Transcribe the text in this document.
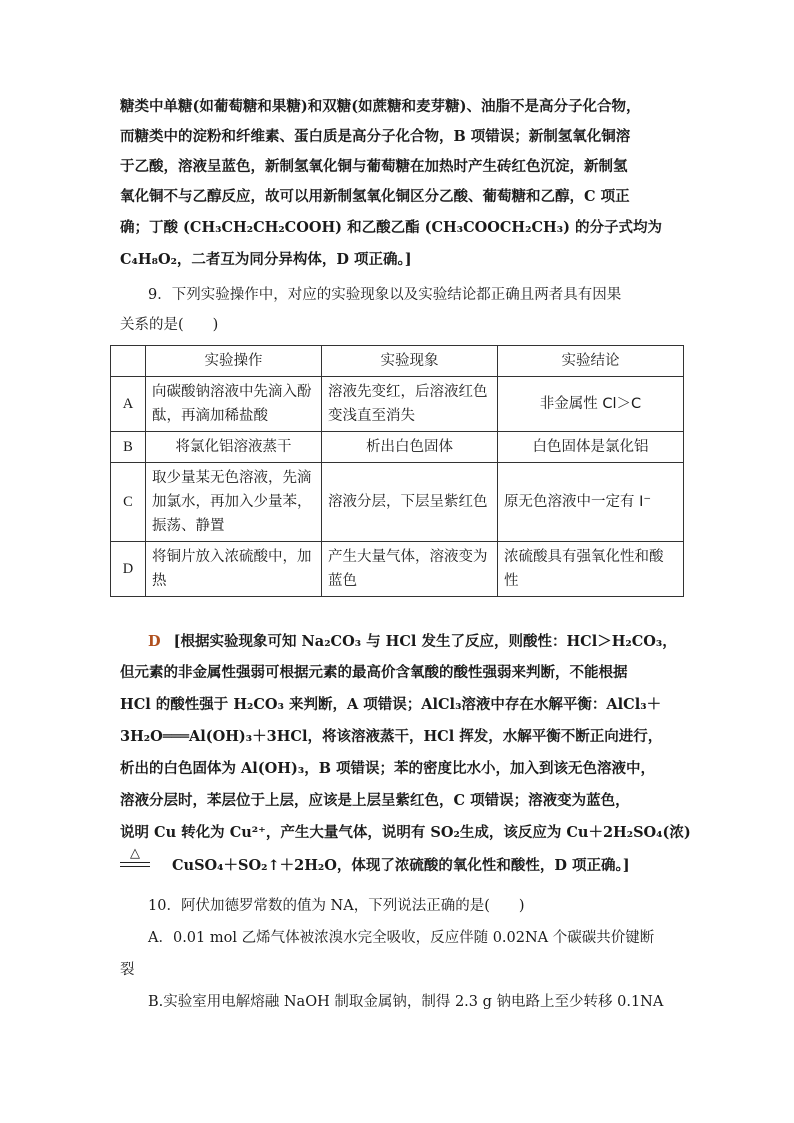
糖类中单糖(如葡萄糖和果糖)和双糖(如蔗糖和麦芽糖)、油脂不是高分子化合物，
而糖类中的淀粉和纤维素、蛋白质是高分子化合物，B 项错误；新制氢氧化铜溶
于乙酸，溶液呈蓝色，新制氢氧化铜与葡萄糖在加热时产生砖红色沉淀，新制氢
氧化铜不与乙醇反应，故可以用新制氢氧化铜区分乙酸、葡萄糖和乙醇，C 项正
确；丁酸 (CH₃CH₂CH₂COOH) 和乙酸乙酯 (CH₃COOCH₂CH₃) 的分子式均为
C₄H₈O₂，二者互为同分异构体，D 项正确。]
9．下列实验操作中，对应的实验现象以及实验结论都正确且两者具有因果
关系的是(　　)
	实验操作	实验现象	实验结论
A	向碳酸钠溶液中先滴入酚酞，再滴加稀盐酸	溶液先变红，后溶液红色变浅直至消失	非金属性 Cl＞C
B	将氯化铝溶液蒸干	析出白色固体	白色固体是氯化铝
C	取少量某无色溶液，先滴加氯水，再加入少量苯，振荡、静置	溶液分层，下层呈紫红色	原无色溶液中一定有 I⁻
D	将铜片放入浓硫酸中，加热	产生大量气体，溶液变为蓝色	浓硫酸具有强氧化性和酸性
D [根据实验现象可知 Na₂CO₃ 与 HCl 发生了反应，则酸性：HCl＞H₂CO₃，
但元素的非金属性强弱可根据元素的最高价含氧酸的酸性强弱来判断，不能根据
HCl 的酸性强于 H₂CO₃ 来判断，A 项错误；AlCl₃溶液中存在水解平衡：AlCl₃＋
3H₂O═══Al(OH)₃＋3HCl，将该溶液蒸干，HCl 挥发，水解平衡不断正向进行，
析出的白色固体为 Al(OH)₃，B 项错误；苯的密度比水小，加入到该无色溶液中，
溶液分层时，苯层位于上层，应该是上层呈紫红色，C 项错误；溶液变为蓝色，
说明 Cu 转化为 Cu²⁺，产生大量气体，说明有 SO₂生成，该反应为 Cu＋2H₂SO₄(浓)
△
CuSO₄＋SO₂↑＋2H₂O，体现了浓硫酸的氧化性和酸性，D 项正确。]
10．阿伏加德罗常数的值为 NA，下列说法正确的是(　　)
A．0.01 mol 乙烯气体被浓溴水完全吸收，反应伴随 0.02NA 个碳碳共价键断
裂
B.实验室用电解熔融 NaOH 制取金属钠，制得 2.3 g 钠电路上至少转移 0.1NA
